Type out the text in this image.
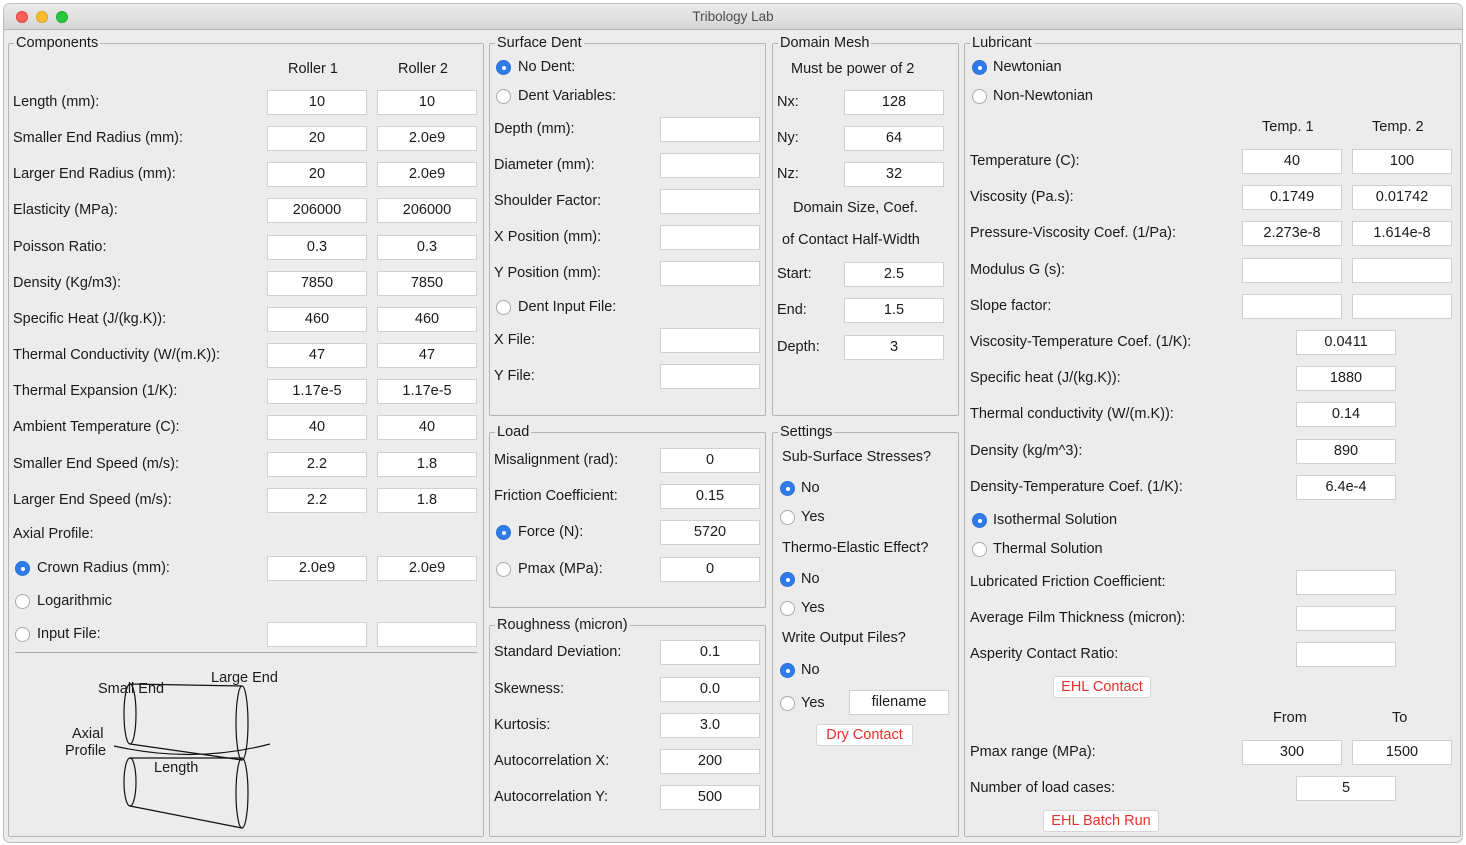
Tribology Lab
Components
Roller 1	Roller 2
Length (mm):	10	10
Smaller End Radius (mm):	20	2.0e9
Larger End Radius (mm):	20	2.0e9
Elasticity (MPa):	206000	206000
Poisson Ratio:	0.3	0.3
Density (Kg/m3):	7850	7850
Specific Heat (J/(kg.K)):	460	460
Thermal Conductivity (W/(m.K)):	47	47
Thermal Expansion (1/K):	1.17e-5	1.17e-5
Ambient Temperature (C):	40	40
Smaller End Speed (m/s):	2.2	1.8
Larger End Speed (m/s):	2.2	1.8
Axial Profile:
Crown Radius (mm):	2.0e9	2.0e9
Logarithmic
Input File:
Small End
Large End
Axial
Profile
Length
Surface Dent
No Dent:
Dent Variables:
Depth (mm):
Diameter (mm):
Shoulder Factor:
X Position (mm):
Y Position (mm):
Dent Input File:
X File:
Y File:
Load
Misalignment (rad):	0
Friction Coefficient:	0.15
Force (N):	5720
Pmax (MPa):	0
Roughness (micron)
Standard Deviation:	0.1
Skewness:	0.0
Kurtosis:	3.0
Autocorrelation X:	200
Autocorrelation Y:	500
Domain Mesh
Must be power of 2
Nx:	128
Ny:	64
Nz:	32
Domain Size, Coef.
of Contact Half-Width
Start:	2.5
End:	1.5
Depth:	3
Settings
Sub-Surface Stresses?
No
Yes
Thermo-Elastic Effect?
No
Yes
Write Output Files?
No
Yes	filename
Dry Contact
Lubricant
Newtonian
Non-Newtonian
Temp. 1	Temp. 2
Temperature (C):	40	100
Viscosity (Pa.s):	0.1749	0.01742
Pressure-Viscosity Coef. (1/Pa):	2.273e-8	1.614e-8
Modulus G (s):
Slope factor:
Viscosity-Temperature Coef. (1/K):	0.0411
Specific heat (J/(kg.K)):	1880
Thermal conductivity (W/(m.K)):	0.14
Density (kg/m^3):	890
Density-Temperature Coef. (1/K):	6.4e-4
Isothermal Solution
Thermal Solution
Lubricated Friction Coefficient:
Average Film Thickness (micron):
Asperity Contact Ratio:
EHL Contact
From	To
Pmax range (MPa):	300	1500
Number of load cases:	5
EHL Batch Run
